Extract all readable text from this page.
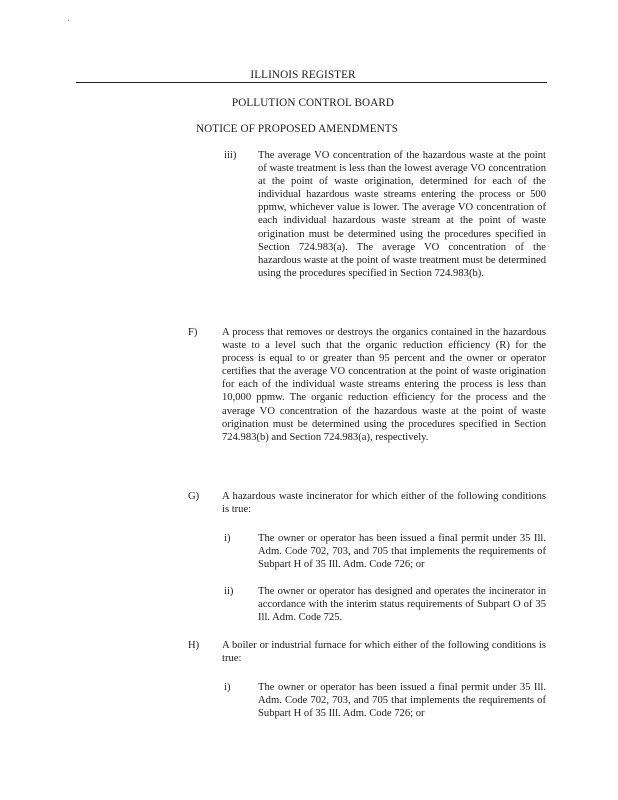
ILLINOIS REGISTER
POLLUTION CONTROL BOARD
NOTICE OF PROPOSED AMENDMENTS
iii) The average VO concentration of the hazardous waste at the point of waste treatment is less than the lowest average VO concentration at the point of waste origination, determined for each of the individual hazardous waste streams entering the process or 500 ppmw, whichever value is lower. The average VO concentration of each individual hazardous waste stream at the point of waste origination must be determined using the procedures specified in Section 724.983(a). The average VO concentration of the hazardous waste at the point of waste treatment must be determined using the procedures specified in Section 724.983(b).

F) A process that removes or destroys the organics contained in the hazardous waste to a level such that the organic reduction efficiency (R) for the process is equal to or greater than 95 percent and the owner or operator certifies that the average VO concentration at the point of waste origination for each of the individual waste streams entering the process is less than 10,000 ppmw. The organic reduction efficiency for the process and the average VO concentration of the hazardous waste at the point of waste origination must be determined using the procedures specified in Section 724.983(b) and Section 724.983(a), respectively.

G) A hazardous waste incinerator for which either of the following conditions is true:

i)	The owner or operator has been issued a final permit under 35 Ill. Adm. Code 702, 703, and 705 that implements the requirements of Subpart H of 35 Ill. Adm. Code 726; or

ii) The owner or operator has designed and operates the incinerator in accordance with the interim status requirements of Subpart O of 35 Ill. Adm. Code 725.

H) A boiler or industrial furnace for which either of the following conditions is true:

i)	The owner or operator has been issued a final permit under 35 Ill. Adm. Code 702, 703, and 705 that implements the requirements of Subpart H of 35 Ill. Adm. Code 726; or
